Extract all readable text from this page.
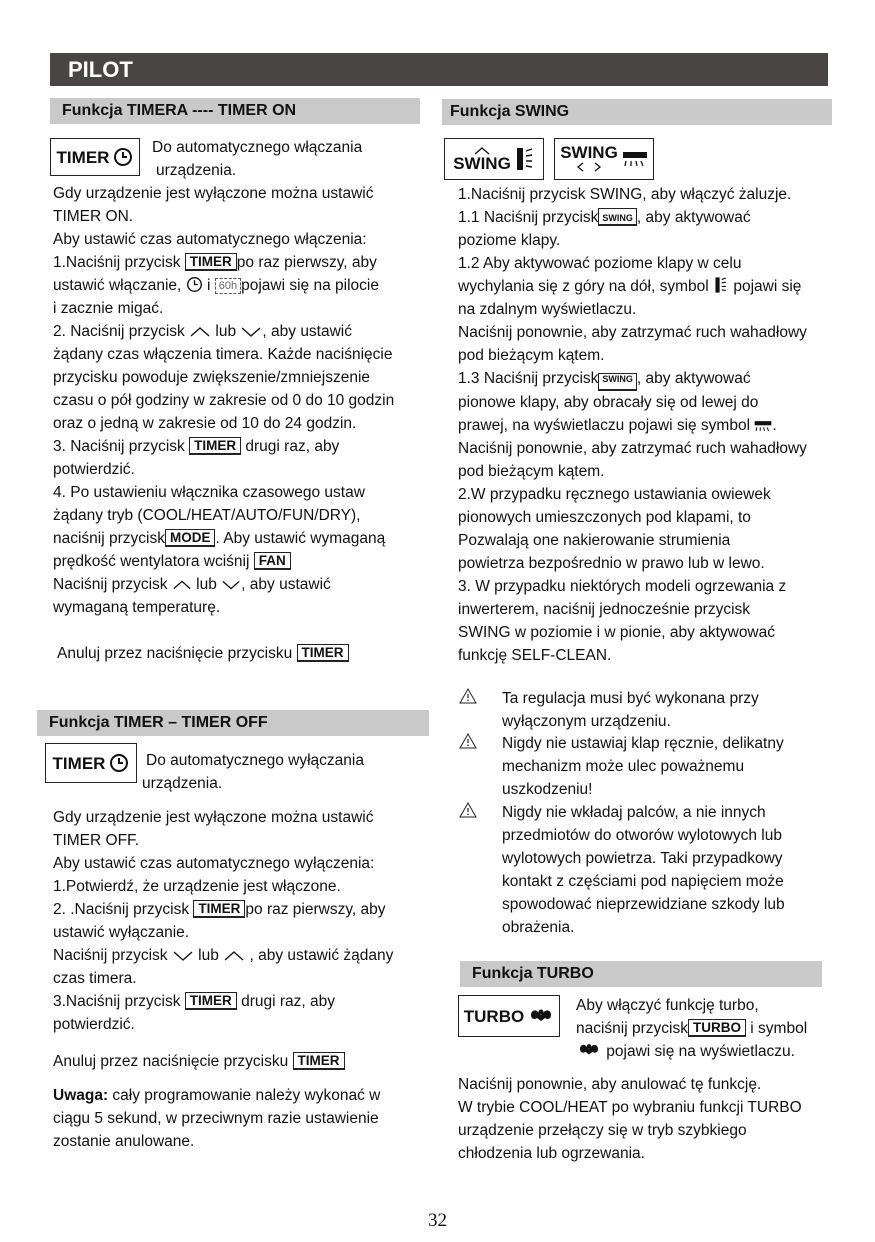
PILOT
Funkcja TIMERA ---- TIMER ON
TIMER	Do automatycznego włączania

urządzenia.

Gdy urządzenie jest wyłączone można ustawić

TIMER ON.

Aby ustawić czas automatycznego włączenia:

1.Naciśnij przycisk TIMER po raz pierwszy, aby

ustawić włączanie,  i 60h pojawi się na pilocie

i zacznie migać.

2. Naciśnij przycisk  lub , aby ustawić

żądany czas włączenia timera. Każde naciśnięcie

przycisku powoduje zwiększenie/zmniejszenie

czasu o pół godziny w zakresie od 0 do 10 godzin

oraz o jedną w zakresie od 10 do 24 godzin.

3. Naciśnij przycisk TIMER drugi raz, aby

potwierdzić.

4. Po ustawieniu włącznika czasowego ustaw

żądany tryb (COOL/HEAT/AUTO/FUN/DRY),

naciśnij przycisk MODE . Aby ustawić wymaganą

prędkość wentylatora wciśnij FAN

Naciśnij przycisk  lub , aby ustawić

wymaganą temperaturę.

Anuluj przez naciśnięcie przycisku TIMER

Funkcja TIMER – TIMER OFF
TIMER	Do automatycznego wyłączania

urządzenia.

Gdy urządzenie jest wyłączone można ustawić

TIMER OFF.

Aby ustawić czas automatycznego wyłączenia:

1.Potwierdź, że urządzenie jest włączone.

2. .Naciśnij przycisk TIMER po raz pierwszy, aby

ustawić wyłączanie.

Naciśnij przycisk  lub  , aby ustawić żądany

czas timera.

3.Naciśnij przycisk TIMER drugi raz, aby

potwierdzić.

Anuluj przez naciśnięcie przycisku TIMER

Uwaga: cały programowanie należy wykonać w

ciągu 5 sekund, w przeciwnym razie ustawienie

zostanie anulowane.

Funkcja SWING
SWING
SWING

1.Naciśnij przycisk SWING, aby włączyć żaluzje.

1.1 Naciśnij przycisk SWING , aby aktywować

poziome klapy.

1.2 Aby aktywować poziome klapy w celu

wychylania się z góry na dół, symbol  pojawi się

na zdalnym wyświetlaczu.

Naciśnij ponownie, aby zatrzymać ruch wahadłowy

pod bieżącym kątem.

1.3 Naciśnij przycisk SWING , aby aktywować

pionowe klapy, aby obracały się od lewej do

prawej, na wyświetlaczu pojawi się symbol .

Naciśnij ponownie, aby zatrzymać ruch wahadłowy

pod bieżącym kątem.

2.W przypadku ręcznego ustawiania owiewek

pionowych umieszczonych pod klapami, to

Pozwalają one nakierowanie strumienia

powietrza bezpośrednio w prawo lub w lewo.

3. W przypadku niektórych modeli ogrzewania z

inwerterem, naciśnij jednocześnie przycisk

SWING w poziomie i w pionie, aby aktywować

funkcję SELF-CLEAN.

Ta regulacja musi być wykonana przy

wyłączonym urządzeniu.

Nigdy nie ustawiaj klap ręcznie, delikatny

mechanizm może ulec poważnemu

uszkodzeniu!

Nigdy nie wkładaj palców, a nie innych

przedmiotów do otworów wylotowych lub

wylotowych powietrza. Taki przypadkowy

kontakt z częściami pod napięciem może

spowodować nieprzewidziane szkody lub

obrażenia.

Funkcja TURBO
TURBO

Aby włączyć funkcję turbo,

naciśnij przycisk TURBO i symbol

pojawi się na wyświetlaczu.

Naciśnij ponownie, aby anulować tę funkcję.

W trybie COOL/HEAT po wybraniu funkcji TURBO

urządzenie przełączy się w tryb szybkiego

chłodzenia lub ogrzewania.

32
